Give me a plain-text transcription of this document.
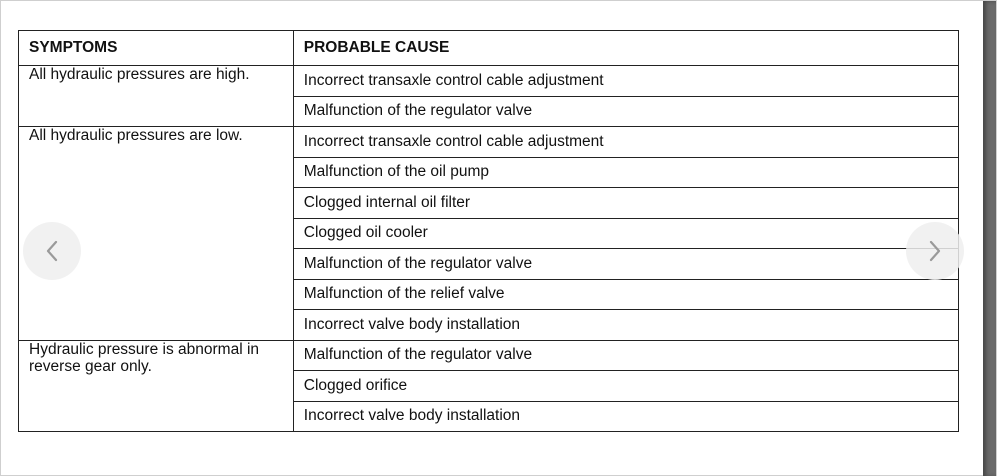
SYMPTOMS	PROBABLE CAUSE
All hydraulic pressures are high.	Incorrect transaxle control cable adjustment
	Malfunction of the regulator valve
All hydraulic pressures are low.	Incorrect transaxle control cable adjustment
	Malfunction of the oil pump
	Clogged internal oil filter
	Clogged oil cooler
	Malfunction of the regulator valve
	Malfunction of the relief valve
	Incorrect valve body installation
Hydraulic pressure is abnormal in reverse gear only.	Malfunction of the regulator valve
	Clogged orifice
	Incorrect valve body installation
